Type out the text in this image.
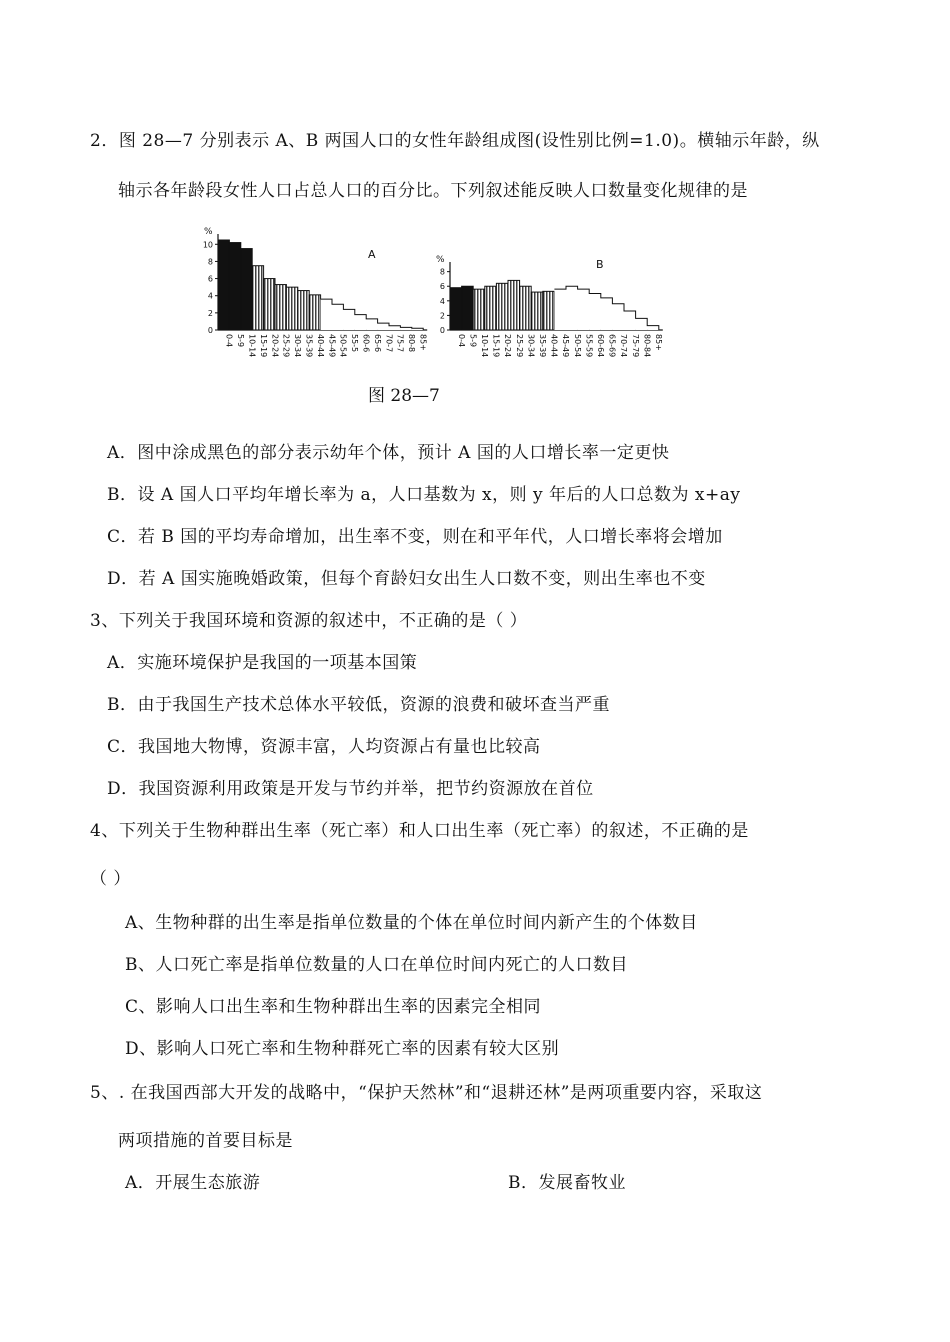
2．图 28—7 分别表示 A、B 两国人口的女性年龄组成图(设性别比例=1.0)。横轴示年龄，纵
轴示各年龄段女性人口占总人口的百分比。下列叙述能反映人口数量变化规律的是
%
0
2
4
6
8
10
0-4 5-9 10-14 15-19 20-24 25-29 30-34 35-39 40-44 45-49 50-54 55-5 60-6 65-6 70-7 75-7 80-8 85+
A	%
0
2
4
6
8
0-4 5-9 10-14 15-19 20-24 25-29 30-34 35-39 40-44 45-49 50-54 55-59 60-64 65-69 70-74 75-79 80-84 85+
B
图 28—7
A．图中涂成黑色的部分表示幼年个体，预计 A 国的人口增长率一定更快
B．设 A 国人口平均年增长率为 a，人口基数为 x，则 y 年后的人口总数为 x+ay
C．若 B 国的平均寿命增加，出生率不变，则在和平年代，人口增长率将会增加
D．若 A 国实施晚婚政策，但每个育龄妇女出生人口数不变，则出生率也不变
3、下列关于我国环境和资源的叙述中，不正确的是（ ）
A．实施环境保护是我国的一项基本国策
B．由于我国生产技术总体水平较低，资源的浪费和破坏查当严重
C．我国地大物博，资源丰富，人均资源占有量也比较高
D．我国资源利用政策是开发与节约并举，把节约资源放在首位
4、下列关于生物种群出生率（死亡率）和人口出生率（死亡率）的叙述，不正确的是
（ ）
A、生物种群的出生率是指单位数量的个体在单位时间内新产生的个体数目
B、人口死亡率是指单位数量的人口在单位时间内死亡的人口数目
C、影响人口出生率和生物种群出生率的因素完全相同
D、影响人口死亡率和生物种群死亡率的因素有较大区别
5、. 在我国西部大开发的战略中，“保护天然林”和“退耕还林”是两项重要内容，采取这
两项措施的首要目标是
A．开展生态旅游	B．发展畜牧业
